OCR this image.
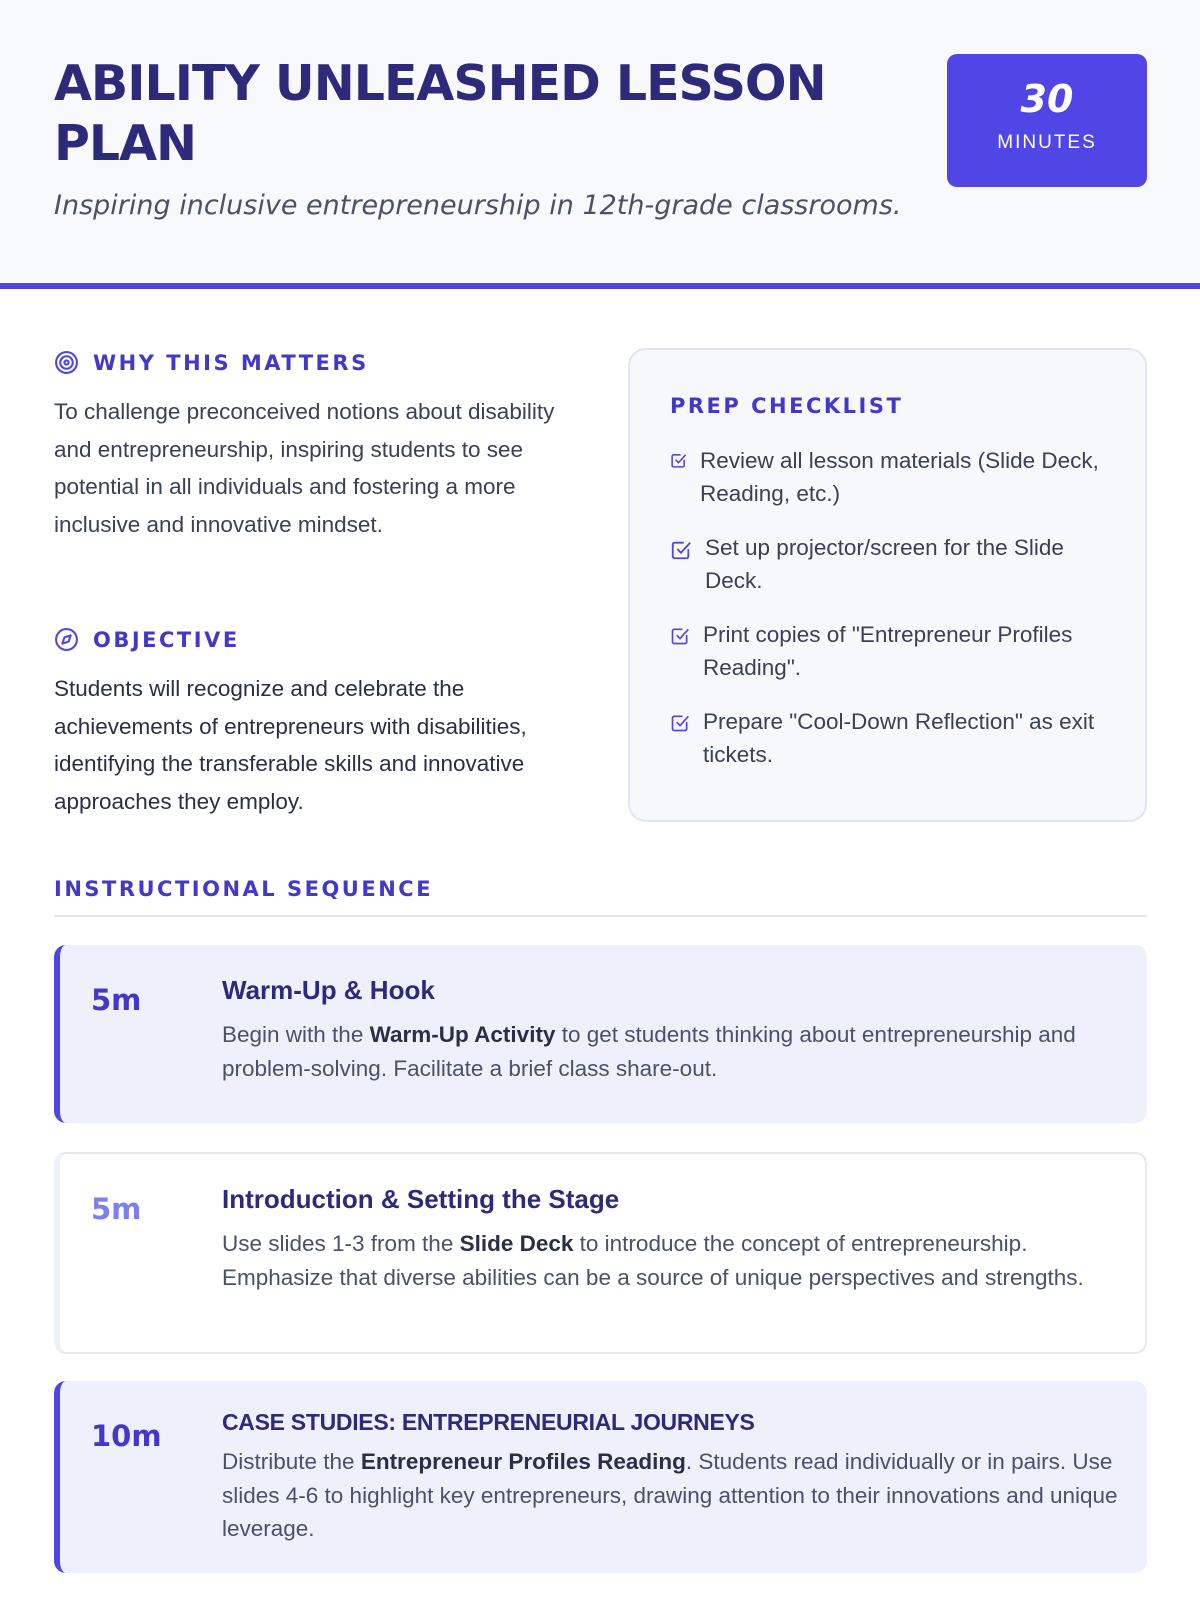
ABILITY UNLEASHED LESSON PLAN
Inspiring inclusive entrepreneurship in 12th-grade classrooms.
30
MINUTES
WHY THIS MATTERS
To challenge preconceived notions about disability and entrepreneurship, inspiring students to see potential in all individuals and fostering a more inclusive and innovative mindset.
OBJECTIVE
Students will recognize and celebrate the achievements of entrepreneurs with disabilities, identifying the transferable skills and innovative approaches they employ.
PREP CHECKLIST
Review all lesson materials (Slide Deck, Reading, etc.)
Set up projector/screen for the Slide Deck.
Print copies of "Entrepreneur Profiles Reading".
Prepare "Cool-Down Reflection" as exit tickets.
INSTRUCTIONAL SEQUENCE
5m	Warm-Up & Hook
Begin with the Warm-Up Activity to get students thinking about entrepreneurship and problem-solving. Facilitate a brief class share-out.
5m	Introduction & Setting the Stage
Use slides 1-3 from the Slide Deck to introduce the concept of entrepreneurship. Emphasize that diverse abilities can be a source of unique perspectives and strengths.
10m	CASE STUDIES: ENTREPRENEURIAL JOURNEYS
Distribute the Entrepreneur Profiles Reading. Students read individually or in pairs. Use slides 4-6 to highlight key entrepreneurs, drawing attention to their innovations and unique leverage.
